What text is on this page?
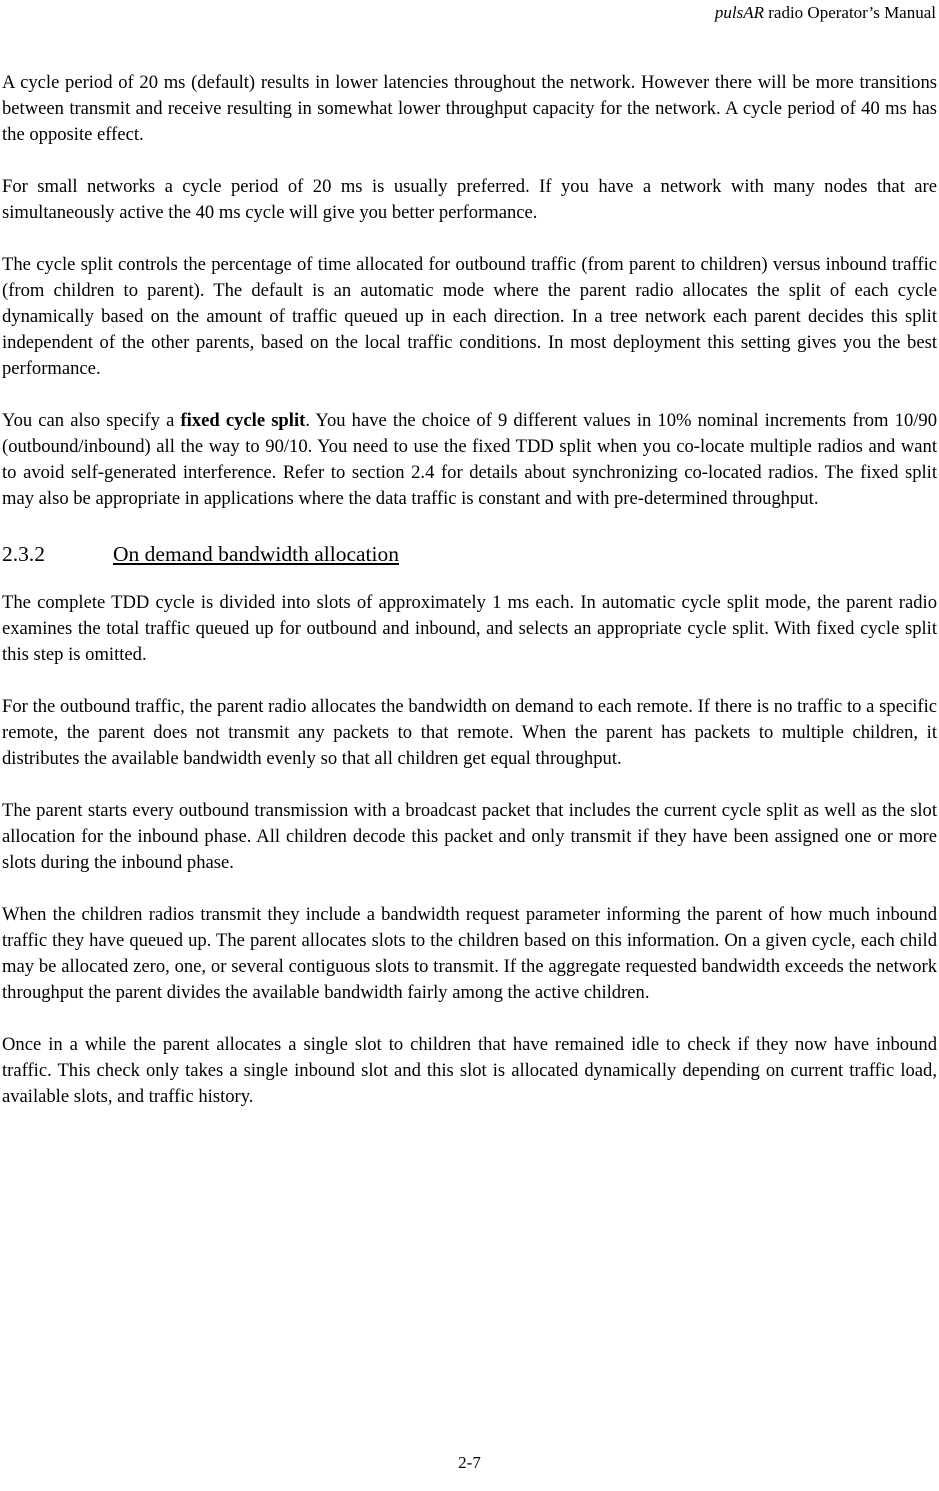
pulsAR radio Operator’s Manual

A cycle period of 20 ms (default) results in lower latencies throughout the network. However there will be more transitions between transmit and receive resulting in somewhat lower throughput capacity for the network. A cycle period of 40 ms has the opposite effect.

For small networks a cycle period of 20 ms is usually preferred. If you have a network with many nodes that are simultaneously active the 40 ms cycle will give you better performance.

The cycle split controls the percentage of time allocated for outbound traffic (from parent to children) versus inbound traffic (from children to parent). The default is an automatic mode where the parent radio allocates the split of each cycle dynamically based on the amount of traffic queued up in each direction. In a tree network each parent decides this split independent of the other parents, based on the local traffic conditions. In most deployment this setting gives you the best performance.

You can also specify a fixed cycle split. You have the choice of 9 different values in 10% nominal increments from 10/90 (outbound/inbound) all the way to 90/10. You need to use the fixed TDD split when you co-locate multiple radios and want to avoid self-generated interference. Refer to section 2.4 for details about synchronizing co-located radios. The fixed split may also be appropriate in applications where the data traffic is constant and with pre-determined throughput.

2.3.2	On demand bandwidth allocation

The complete TDD cycle is divided into slots of approximately 1 ms each. In automatic cycle split mode, the parent radio examines the total traffic queued up for outbound and inbound, and selects an appropriate cycle split. With fixed cycle split this step is omitted.

For the outbound traffic, the parent radio allocates the bandwidth on demand to each remote. If there is no traffic to a specific remote, the parent does not transmit any packets to that remote. When the parent has packets to multiple children, it distributes the available bandwidth evenly so that all children get equal throughput.

The parent starts every outbound transmission with a broadcast packet that includes the current cycle split as well as the slot allocation for the inbound phase. All children decode this packet and only transmit if they have been assigned one or more slots during the inbound phase.

When the children radios transmit they include a bandwidth request parameter informing the parent of how much inbound traffic they have queued up. The parent allocates slots to the children based on this information. On a given cycle, each child may be allocated zero, one, or several contiguous slots to transmit. If the aggregate requested bandwidth exceeds the network throughput the parent divides the available bandwidth fairly among the active children.

Once in a while the parent allocates a single slot to children that have remained idle to check if they now have inbound traffic. This check only takes a single inbound slot and this slot is allocated dynamically depending on current traffic load, available slots, and traffic history.

2-7
